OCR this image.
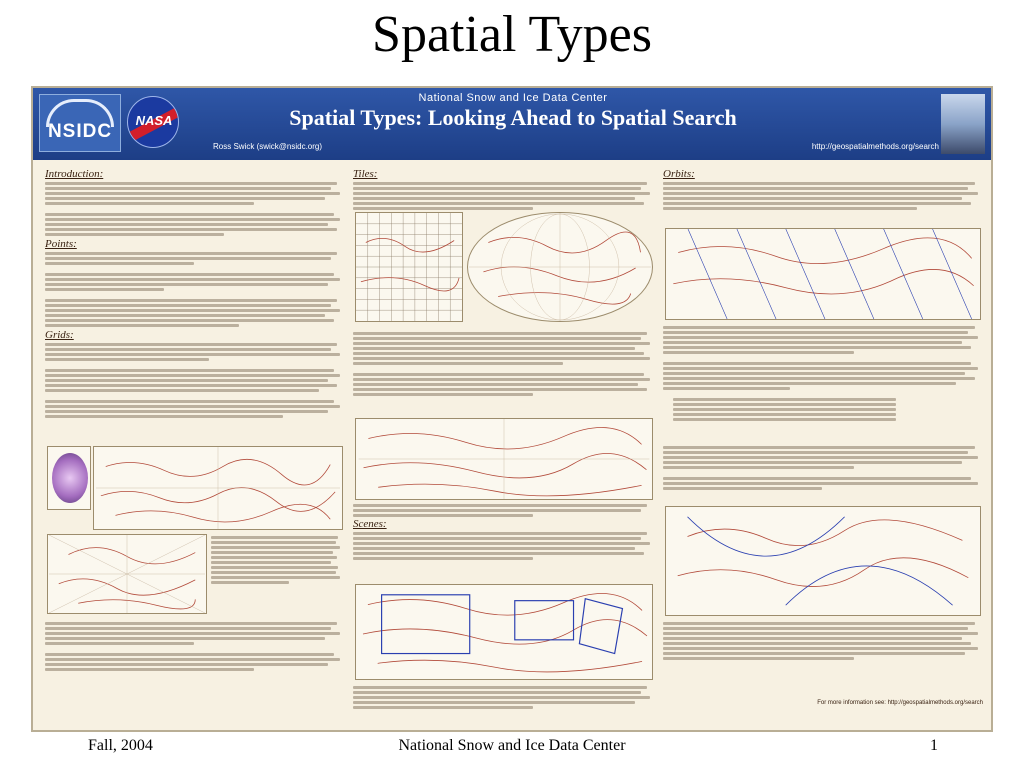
Spatial Types
NSIDC
NASA
National Snow and Ice Data Center
Spatial Types: Looking Ahead to Spatial Search
Ross Swick (swick@nsidc.org)	http://geospatialmethods.org/search
Introduction:
Points:
Grids:
Tiles:
Scenes:
Orbits:
For more information see: http://geospatialmethods.org/search
Fall, 2004	National Snow and Ice Data Center	1
